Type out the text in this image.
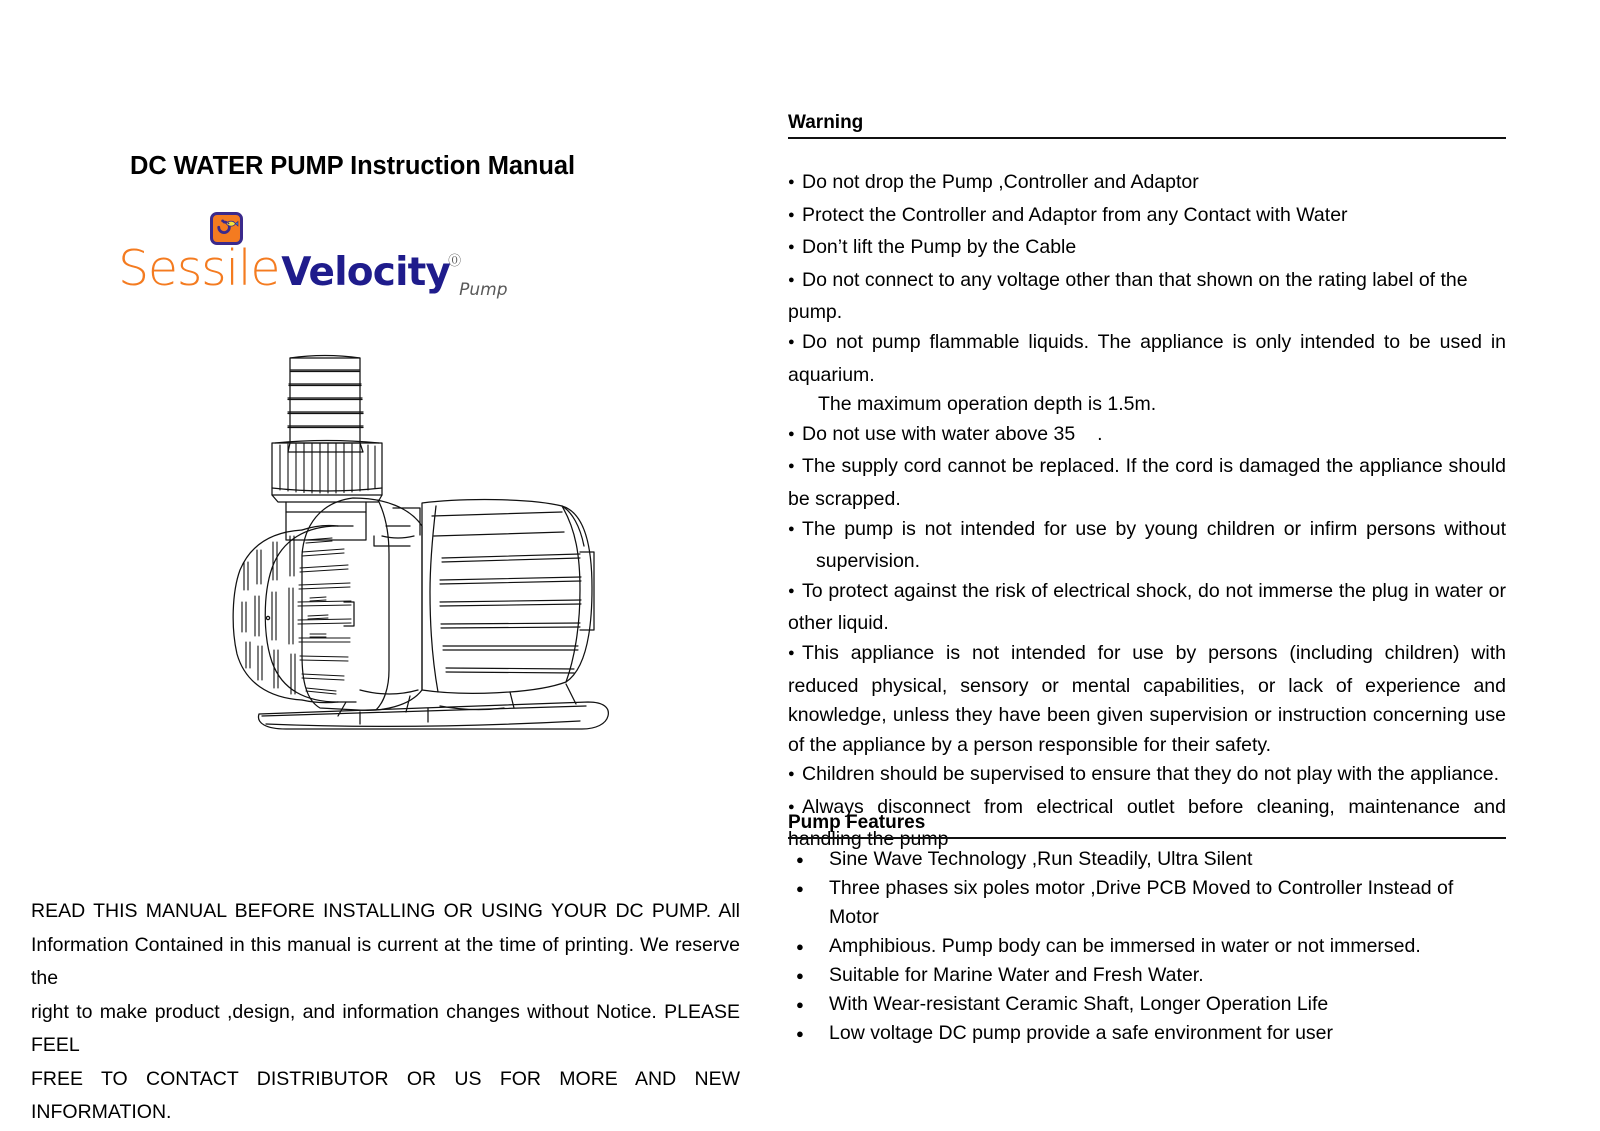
DC WATER PUMP Instruction Manual
SessileVelocity⓪Pump
READ THIS MANUAL BEFORE INSTALLING OR USING YOUR DC PUMP. All
Information Contained in this manual is current at the time of printing. We reserve the
right to make product ,design, and information changes without Notice. PLEASE FEEL
FREE TO CONTACT DISTRIBUTOR OR US FOR MORE AND NEW INFORMATION.
Warning
●Do not drop the Pump ,Controller and Adaptor
●Protect the Controller and Adaptor from any Contact with Water
●Don’t lift the Pump by the Cable
●Do not connect to any voltage other than that shown on the rating label of the pump.
●Do not pump flammable liquids. The appliance is only intended to be used in aquarium.
The maximum operation depth is 1.5m.
●Do not use with water above 35 .
●The supply cord cannot be replaced. If the cord is damaged the appliance should be scrapped.
●The pump is not intended for use by young children or infirm persons without
supervision.
●To protect against the risk of electrical shock, do not immerse the plug in water or other liquid.
●This appliance is not intended for use by persons (including children) with reduced physical, sensory or mental capabilities, or lack of experience and knowledge, unless they have been given supervision or instruction concerning use of the appliance by a person responsible for their safety.
●Children should be supervised to ensure that they do not play with the appliance.
●Always disconnect from electrical outlet before cleaning, maintenance and handling the pump
Pump Features
●
Sine Wave Technology ,Run Steadily, Ultra Silent
●
Three phases six poles motor ,Drive PCB Moved to Controller Instead of Motor
●
Amphibious. Pump body can be immersed in water or not immersed.
●
Suitable for Marine Water and Fresh Water.
●
With Wear-resistant Ceramic Shaft, Longer Operation Life
●
Low voltage DC pump provide a safe environment for user
